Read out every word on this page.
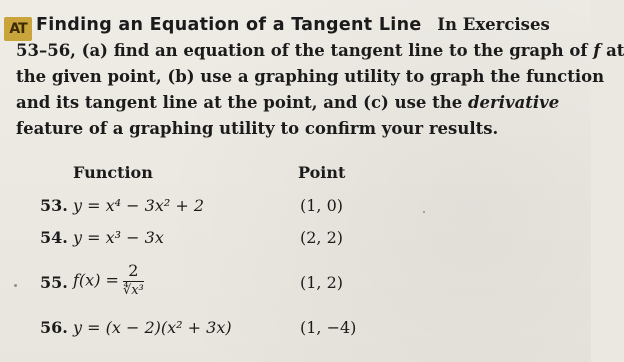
AT Finding an Equation of a Tangent Line In Exercises
53–56, (a) find an equation of the tangent line to the graph of f at
the given point, (b) use a graphing utility to graph the function
and its tangent line at the point, and (c) use the derivative
feature of a graphing utility to confirm your results.
Function	Point
53. y = x⁴ − 3x² + 2	(1, 0)
54. y = x³ − 3x	(2, 2)
55. $f(x) = \frac{2}{\text{∜x³}}$	(1, 2)
56. y = (x − 2)(x² + 3x)	(1, −4)
